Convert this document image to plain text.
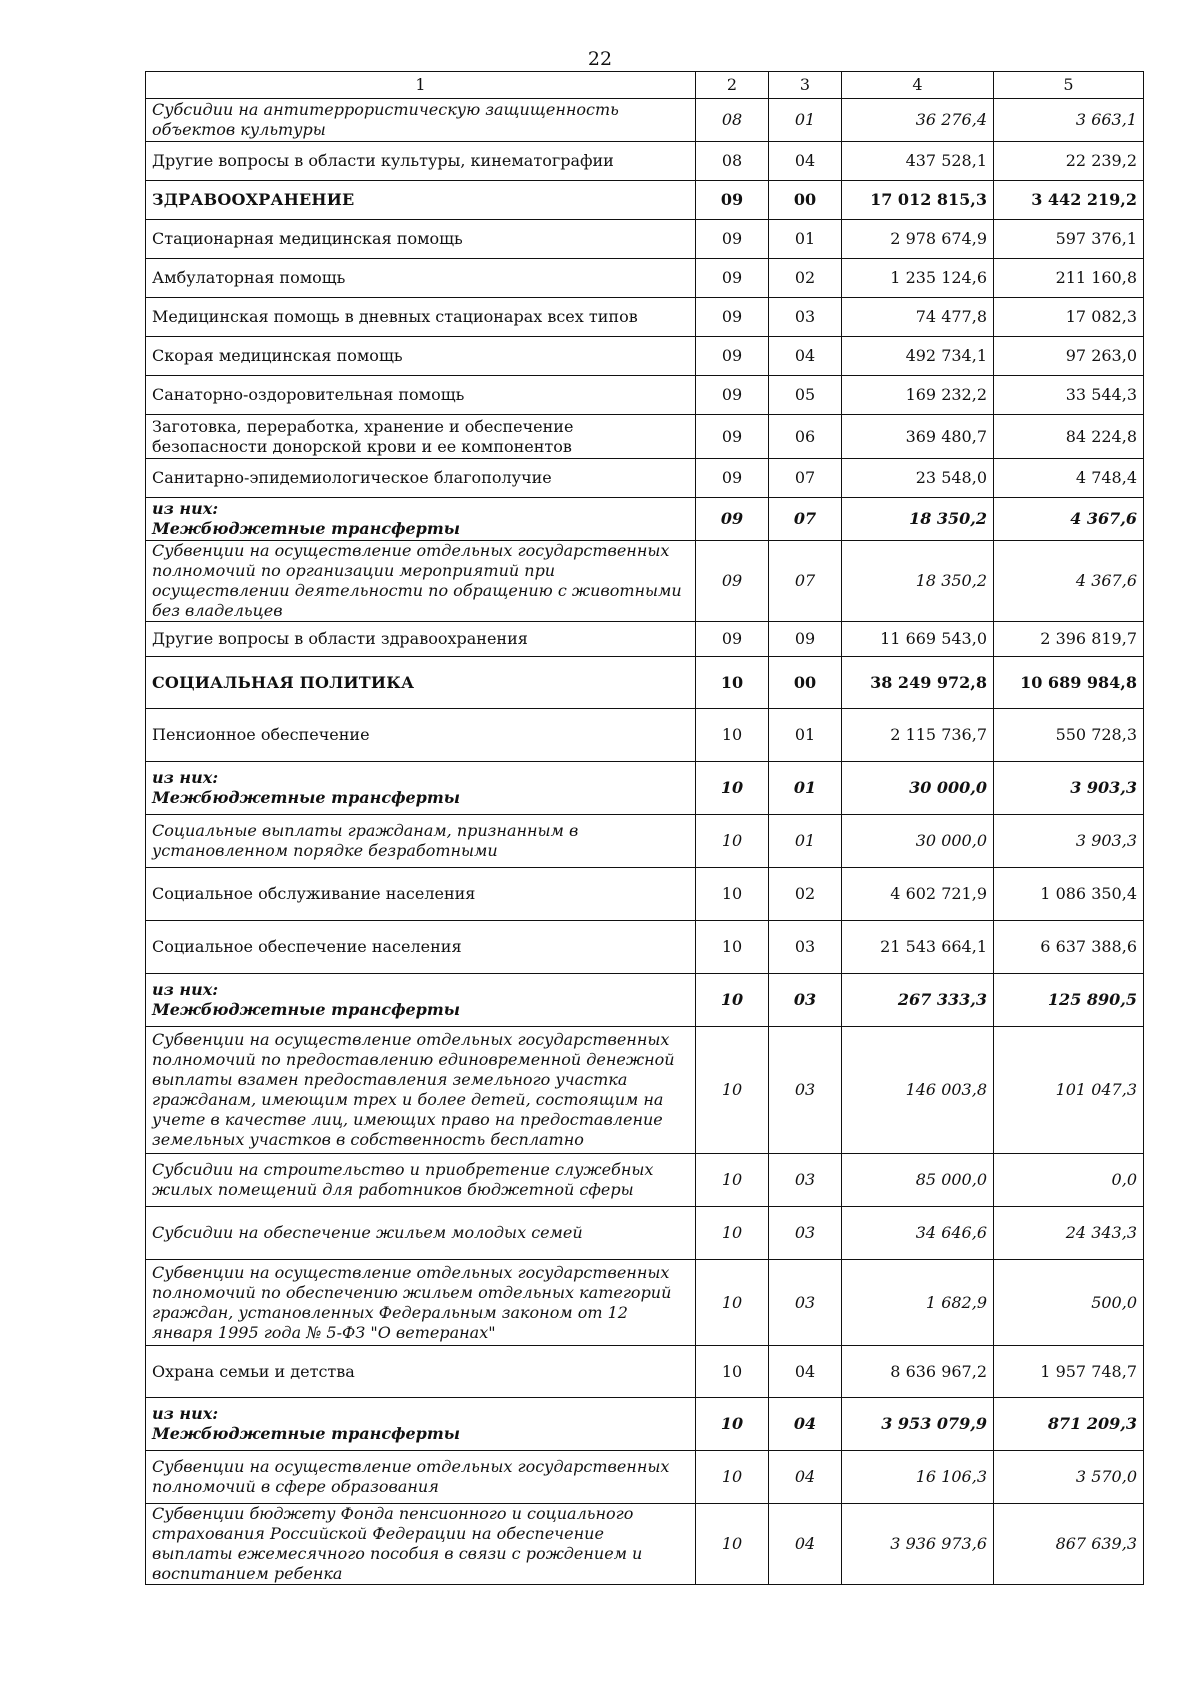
22
1	2	3	4	5
Субсидии на антитеррористическую защищенность объектов культуры	08	01	36 276,4	3 663,1
Другие вопросы в области культуры, кинематографии	08	04	437 528,1	22 239,2
ЗДРАВООХРАНЕНИЕ	09	00	17 012 815,3	3 442 219,2
Стационарная медицинская помощь	09	01	2 978 674,9	597 376,1
Амбулаторная помощь	09	02	1 235 124,6	211 160,8
Медицинская помощь в дневных стационарах всех типов	09	03	74 477,8	17 082,3
Скорая медицинская помощь	09	04	492 734,1	97 263,0
Санаторно-оздоровительная помощь	09	05	169 232,2	33 544,3
Заготовка, переработка, хранение и обеспечение безопасности донорской крови и ее компонентов	09	06	369 480,7	84 224,8
Санитарно-эпидемиологическое благополучие	09	07	23 548,0	4 748,4

из них:
Межбюджетные трансферты	09	07	18 350,2	4 367,6
Субвенции на осуществление отдельных государственных полномочий по организации мероприятий при осуществлении деятельности по обращению с животными без владельцев	09	07	18 350,2	4 367,6
Другие вопросы в области здравоохранения	09	09	11 669 543,0	2 396 819,7
СОЦИАЛЬНАЯ ПОЛИТИКА	10	00	38 249 972,8	10 689 984,8
Пенсионное обеспечение	10	01	2 115 736,7	550 728,3

из них:
Межбюджетные трансферты	10	01	30 000,0	3 903,3
Социальные выплаты гражданам, признанным в установленном порядке безработными	10	01	30 000,0	3 903,3
Социальное обслуживание населения	10	02	4 602 721,9	1 086 350,4
Социальное обеспечение населения	10	03	21 543 664,1	6 637 388,6

из них:
Межбюджетные трансферты	10	03	267 333,3	125 890,5
Субвенции на осуществление отдельных государственных полномочий по предоставлению единовременной денежной выплаты взамен предоставления земельного участка гражданам, имеющим трех и более детей, состоящим на учете в качестве лиц, имеющих право на предоставление земельных участков в собственность бесплатно	10	03	146 003,8	101 047,3
Субсидии на строительство и приобретение служебных жилых помещений для работников бюджетной сферы	10	03	85 000,0	0,0
Субсидии на обеспечение жильем молодых семей	10	03	34 646,6	24 343,3
Субвенции на осуществление отдельных государственных полномочий по обеспечению жильем отдельных категорий граждан, установленных Федеральным законом от 12 января 1995 года № 5-ФЗ "О ветеранах"	10	03	1 682,9	500,0
Охрана семьи и детства	10	04	8 636 967,2	1 957 748,7

из них:
Межбюджетные трансферты	10	04	3 953 079,9	871 209,3
Субвенции на осуществление отдельных государственных полномочий в сфере образования	10	04	16 106,3	3 570,0
Субвенции бюджету Фонда пенсионного и социального страхования Российской Федерации на обеспечение выплаты ежемесячного пособия в связи с рождением и воспитанием ребенка	10	04	3 936 973,6	867 639,3
